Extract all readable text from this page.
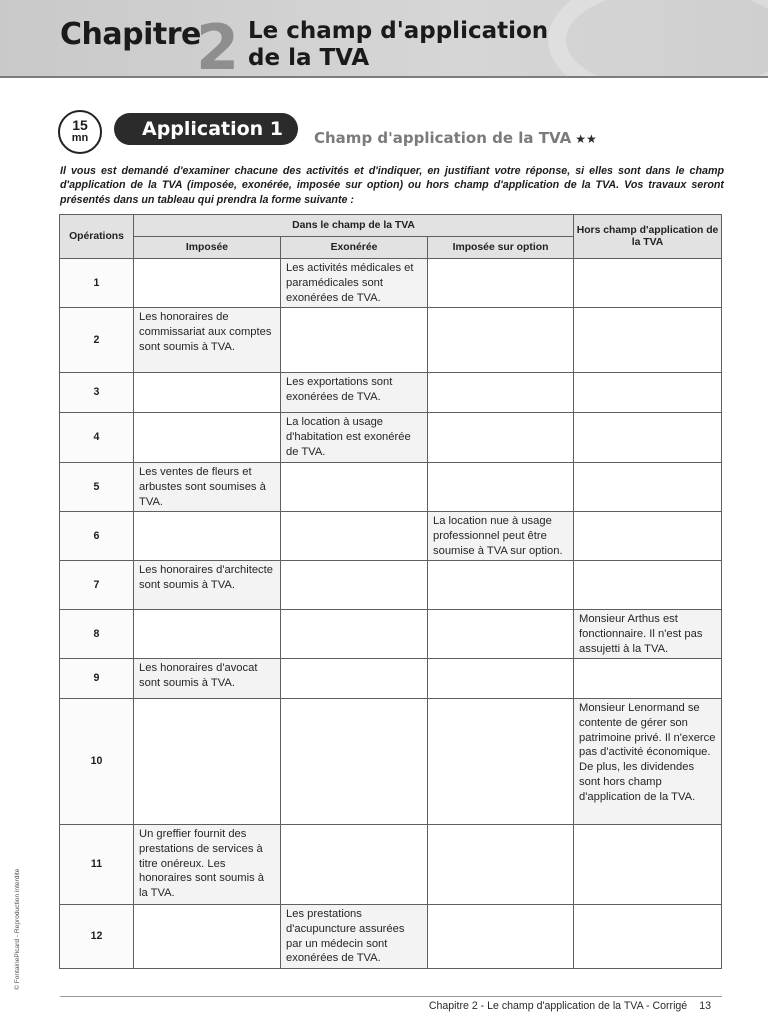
Chapitre
2 Le champ d'application
de la TVA
15
mn	Application 1	Champ d'application de la TVA ★★
Il vous est demandé d'examiner chacune des activités et d'indiquer, en justifiant votre réponse, si elles sont dans le champ d'application de la TVA (imposée, exonérée, imposée sur option) ou hors champ d'application de la TVA. Vos travaux seront présentés dans un tableau qui prendra la forme suivante :
Opérations	Dans le champ de la TVA			Hors champ d'application de la TVA
	Imposée	Exonérée	Imposée sur option	
1		Les activités médicales et paramédicales sont exonérées de TVA.		
2	Les honoraires de commissariat aux comptes sont soumis à TVA.			
3		Les exportations sont exonérées de TVA.		
4		La location à usage d'habitation est exonérée de TVA.		
5	Les ventes de fleurs et arbustes sont soumises à TVA.			
6			La location nue à usage professionnel peut être soumise à TVA sur option.	
7	Les honoraires d'architecte sont soumis à TVA.			
8				Monsieur Arthus est fonctionnaire. Il n'est pas assujetti à la TVA.
9	Les honoraires d'avocat sont soumis à TVA.			
10				Monsieur Lenormand se contente de gérer son patrimoine privé. Il n'exerce pas d'activité économique. De plus, les dividendes sont hors champ d'application de la TVA.
11	Un greffier fournit des prestations de services à titre onéreux. Les honoraires sont soumis à la TVA.			
12		Les prestations d'acupuncture assurées par un médecin sont exonérées de TVA.		
© FontainePicard - Reproduction interdite
Chapitre 2 - Le champ d'application de la TVA - Corrigé 13
